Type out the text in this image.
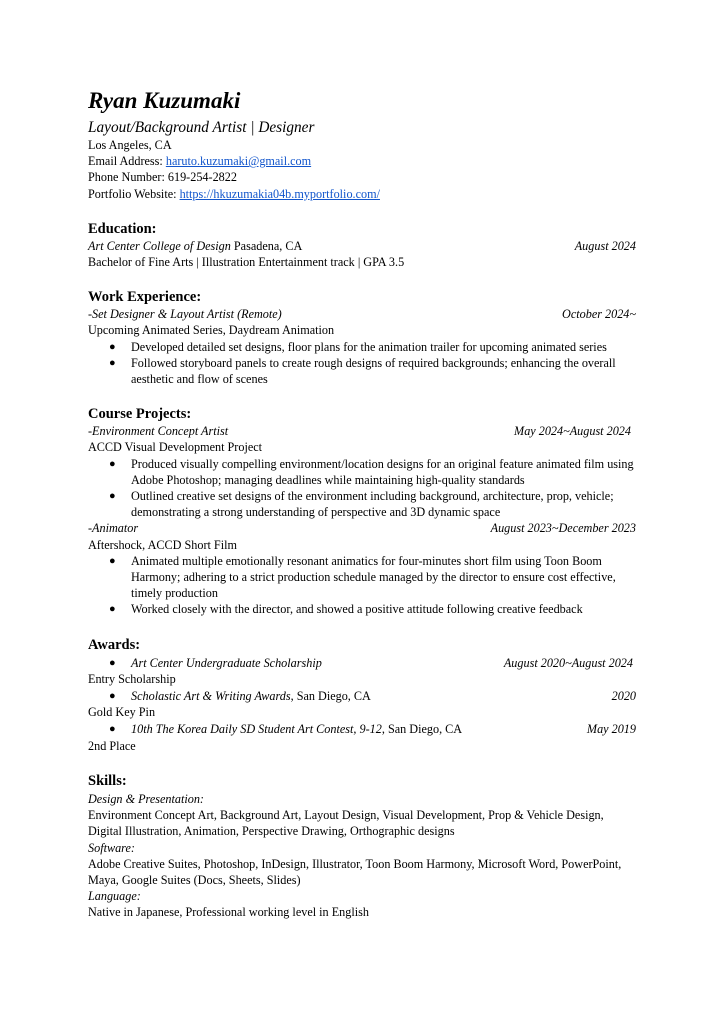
Ryan Kuzumaki
Layout/Background Artist | Designer
Los Angeles, CA
Email Address: haruto.kuzumaki@gmail.com
Phone Number: 619-254-2822
Portfolio Website: https://hkuzumakia04b.myportfolio.com/
Education:
Art Center College of Design Pasadena, CA	August 2024
Bachelor of Fine Arts | Illustration Entertainment track | GPA 3.5
Work Experience:
-Set Designer & Layout Artist (Remote)	October 2024~
Upcoming Animated Series, Daydream Animation
● Developed detailed set designs, floor plans for the animation trailer for upcoming animated series
● Followed storyboard panels to create rough designs of required backgrounds; enhancing the overall aesthetic and flow of scenes
Course Projects:
-Environment Concept Artist	May 2024~August 2024
ACCD Visual Development Project
● Produced visually compelling environment/location designs for an original feature animated film using Adobe Photoshop; managing deadlines while maintaining high-quality standards
● Outlined creative set designs of the environment including background, architecture, prop, vehicle; demonstrating a strong understanding of perspective and 3D dynamic space
-Animator	August 2023~December 2023
Aftershock, ACCD Short Film
● Animated multiple emotionally resonant animatics for four-minutes short film using Toon Boom Harmony; adhering to a strict production schedule managed by the director to ensure cost effective, timely production
● Worked closely with the director, and showed a positive attitude following creative feedback
Awards:
● Art Center Undergraduate Scholarship	August 2020~August 2024
Entry Scholarship
● Scholastic Art & Writing Awards, San Diego, CA	2020
Gold Key Pin
● 10th The Korea Daily SD Student Art Contest, 9-12, San Diego, CA	May 2019
2nd Place
Skills:
Design & Presentation:
Environment Concept Art, Background Art, Layout Design, Visual Development, Prop & Vehicle Design, Digital Illustration, Animation, Perspective Drawing, Orthographic designs
Software:
Adobe Creative Suites, Photoshop, InDesign, Illustrator, Toon Boom Harmony, Microsoft Word, PowerPoint, Maya, Google Suites (Docs, Sheets, Slides)
Language:
Native in Japanese, Professional working level in English
